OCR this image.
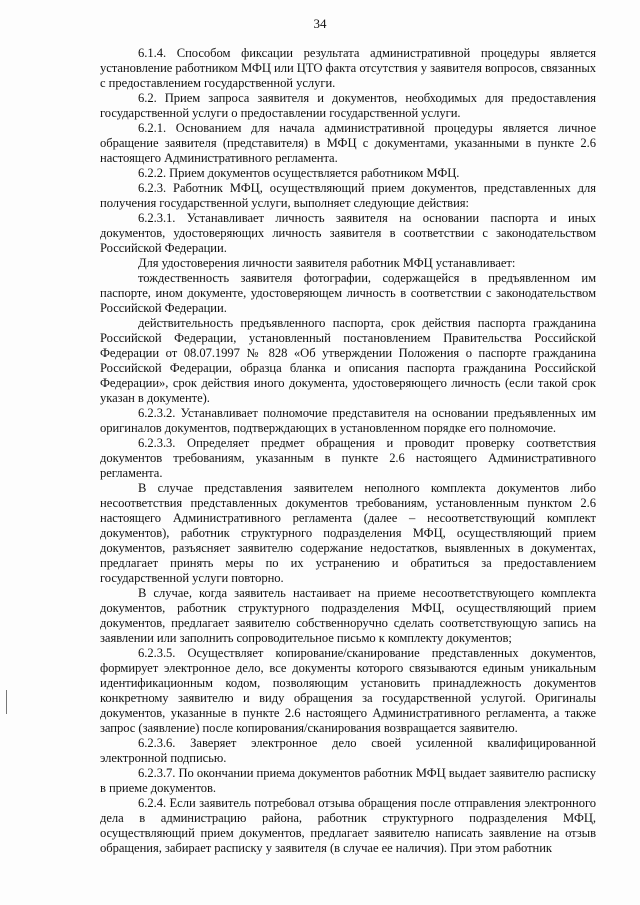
34

6.1.4. Способом фиксации результата административной процедуры является установление работником МФЦ или ЦТО факта отсутствия у заявителя вопросов, связанных с предоставлением государственной услуги.

6.2. Прием запроса заявителя и документов, необходимых для предоставления государственной услуги о предоставлении государственной услуги.

6.2.1. Основанием для начала административной процедуры является личное обращение заявителя (представителя) в МФЦ с документами, указанными в пункте 2.6 настоящего Административного регламента.

6.2.2. Прием документов осуществляется работником МФЦ.

6.2.3. Работник МФЦ, осуществляющий прием документов, представленных для получения государственной услуги, выполняет следующие действия:

6.2.3.1. Устанавливает личность заявителя на основании паспорта и иных документов, удостоверяющих личность заявителя в соответствии с законодательством Российской Федерации.

Для удостоверения личности заявителя работник МФЦ устанавливает:

тождественность заявителя фотографии, содержащейся в предъявленном им паспорте, ином документе, удостоверяющем личность в соответствии с законодательством Российской Федерации.

действительность предъявленного паспорта, срок действия паспорта гражданина Российской Федерации, установленный постановлением Правительства Российской Федерации от 08.07.1997 № 828 «Об утверждении Положения о паспорте гражданина Российской Федерации, образца бланка и описания паспорта гражданина Российской Федерации», срок действия иного документа, удостоверяющего личность (если такой срок указан в документе).

6.2.3.2. Устанавливает полномочие представителя на основании предъявленных им оригиналов документов, подтверждающих в установленном порядке его полномочие.

6.2.3.3. Определяет предмет обращения и проводит проверку соответствия документов требованиям, указанным в пункте 2.6 настоящего Административного регламента.

В случае представления заявителем неполного комплекта документов либо несоответствия представленных документов требованиям, установленным пунктом 2.6 настоящего Административного регламента (далее – несоответствующий комплект документов), работник структурного подразделения МФЦ, осуществляющий прием документов, разъясняет заявителю содержание недостатков, выявленных в документах, предлагает принять меры по их устранению и обратиться за предоставлением государственной услуги повторно.

В случае, когда заявитель настаивает на приеме несоответствующего комплекта документов, работник структурного подразделения МФЦ, осуществляющий прием документов, предлагает заявителю собственноручно сделать соответствующую запись на заявлении или заполнить сопроводительное письмо к комплекту документов;

6.2.3.5. Осуществляет копирование/сканирование представленных документов, формирует электронное дело, все документы которого связываются единым уникальным идентификационным кодом, позволяющим установить принадлежность документов конкретному заявителю и виду обращения за государственной услугой. Оригиналы документов, указанные в пункте 2.6 настоящего Административного регламента, а также запрос (заявление) после копирования/сканирования возвращается заявителю.

6.2.3.6. Заверяет электронное дело своей усиленной квалифицированной электронной подписью.

6.2.3.7. По окончании приема документов работник МФЦ выдает заявителю расписку в приеме документов.

6.2.4. Если заявитель потребовал отзыва обращения после отправления электронного дела в администрацию района, работник структурного подразделения МФЦ, осуществляющий прием документов, предлагает заявителю написать заявление на отзыв обращения, забирает расписку у заявителя (в случае ее наличия). При этом работник
